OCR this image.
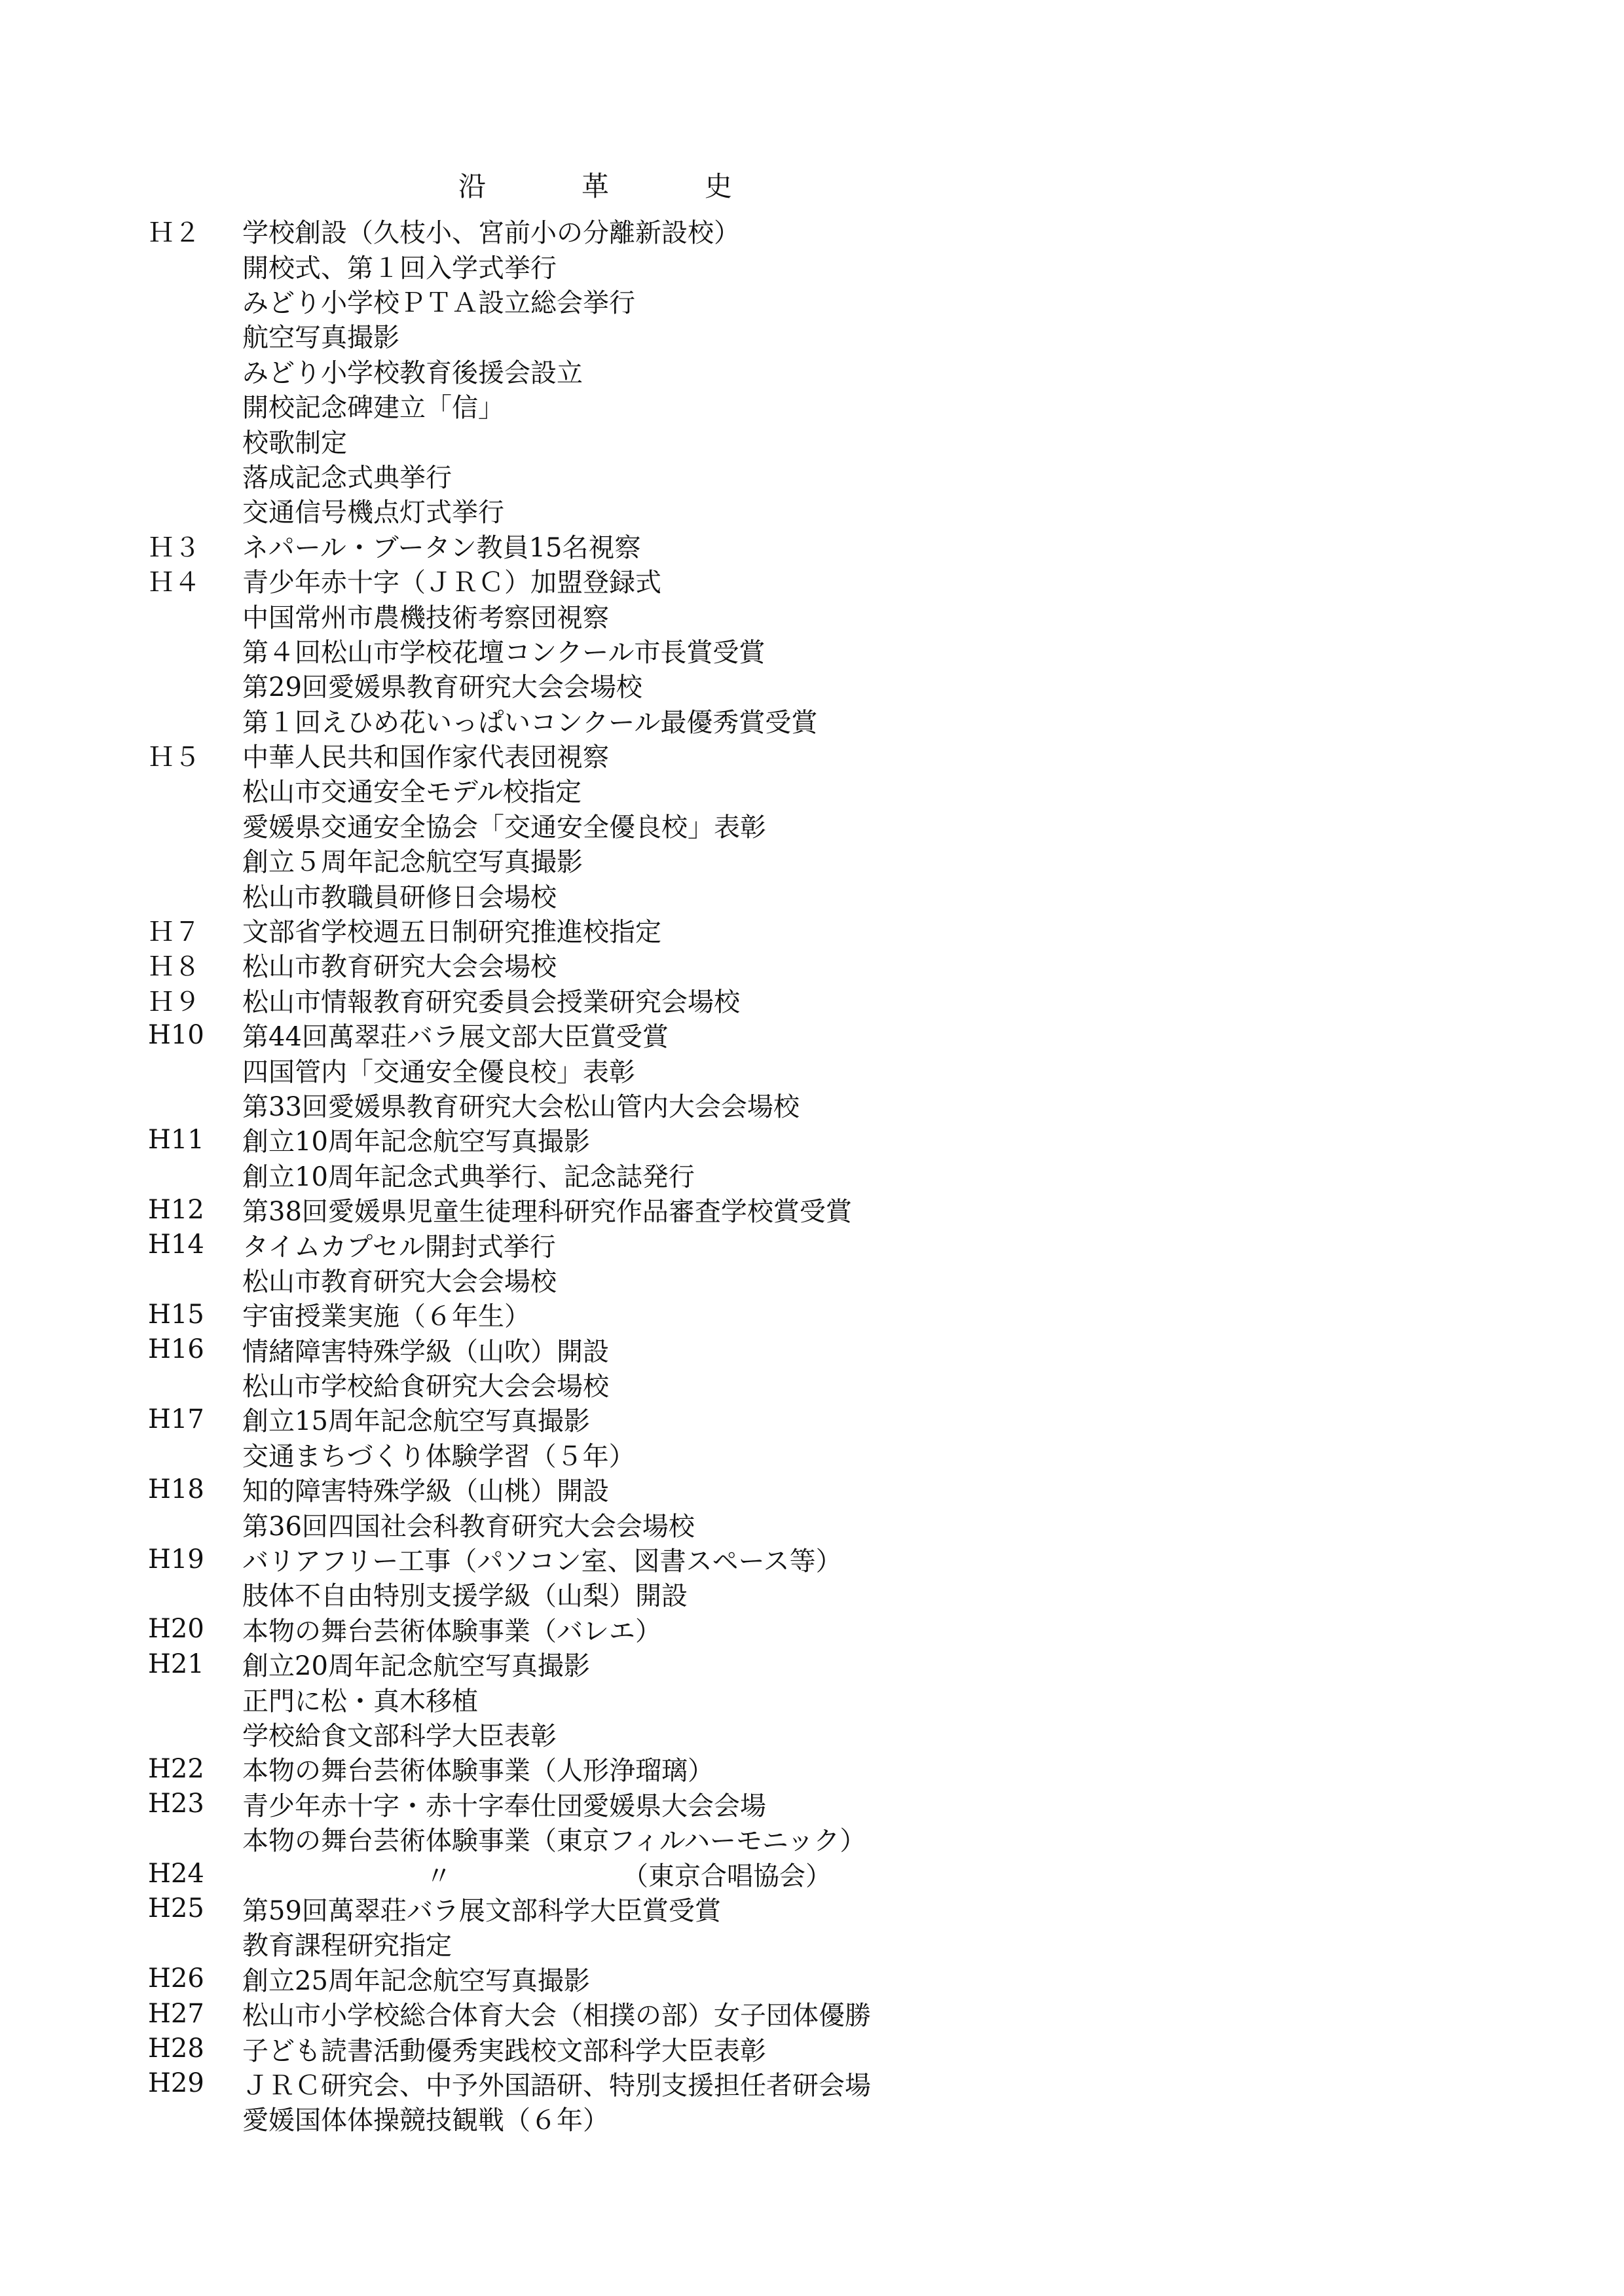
沿　革　史
Ｈ２	学校創設（久枝小、宮前小の分離新設校）
開校式、第１回入学式挙行
みどり小学校ＰＴＡ設立総会挙行
航空写真撮影
みどり小学校教育後援会設立
開校記念碑建立「信」
校歌制定
落成記念式典挙行
交通信号機点灯式挙行
Ｈ３	ネパール・ブータン教員15名視察
Ｈ４	青少年赤十字（ＪＲＣ）加盟登録式
中国常州市農機技術考察団視察
第４回松山市学校花壇コンクール市長賞受賞
第29回愛媛県教育研究大会会場校
第１回えひめ花いっぱいコンクール最優秀賞受賞
Ｈ５	中華人民共和国作家代表団視察
松山市交通安全モデル校指定
愛媛県交通安全協会「交通安全優良校」表彰
創立５周年記念航空写真撮影
松山市教職員研修日会場校
Ｈ７	文部省学校週五日制研究推進校指定
Ｈ８	松山市教育研究大会会場校
Ｈ９	松山市情報教育研究委員会授業研究会場校
H10	第44回萬翠荘バラ展文部大臣賞受賞
四国管内「交通安全優良校」表彰
第33回愛媛県教育研究大会松山管内大会会場校
H11	創立10周年記念航空写真撮影
創立10周年記念式典挙行、記念誌発行
H12	第38回愛媛県児童生徒理科研究作品審査学校賞受賞
H14	タイムカプセル開封式挙行
松山市教育研究大会会場校
H15	宇宙授業実施（６年生）
H16	情緒障害特殊学級（山吹）開設
松山市学校給食研究大会会場校
H17	創立15周年記念航空写真撮影
交通まちづくり体験学習（５年）
H18	知的障害特殊学級（山桃）開設
第36回四国社会科教育研究大会会場校
H19	バリアフリー工事（パソコン室、図書スペース等）
肢体不自由特別支援学級（山梨）開設
H20	本物の舞台芸術体験事業（バレエ）
H21	創立20周年記念航空写真撮影
正門に松・真木移植
学校給食文部科学大臣表彰
H22	本物の舞台芸術体験事業（人形浄瑠璃）
H23	青少年赤十字・赤十字奉仕団愛媛県大会会場
本物の舞台芸術体験事業（東京フィルハーモニック）
H24	　　　　　　　〃　　　　　　　（東京合唱協会）
H25	第59回萬翠荘バラ展文部科学大臣賞受賞
教育課程研究指定
H26	創立25周年記念航空写真撮影
H27	松山市小学校総合体育大会（相撲の部）女子団体優勝
H28	子ども読書活動優秀実践校文部科学大臣表彰
H29	ＪＲＣ研究会、中予外国語研、特別支援担任者研会場
愛媛国体体操競技観戦（６年）
